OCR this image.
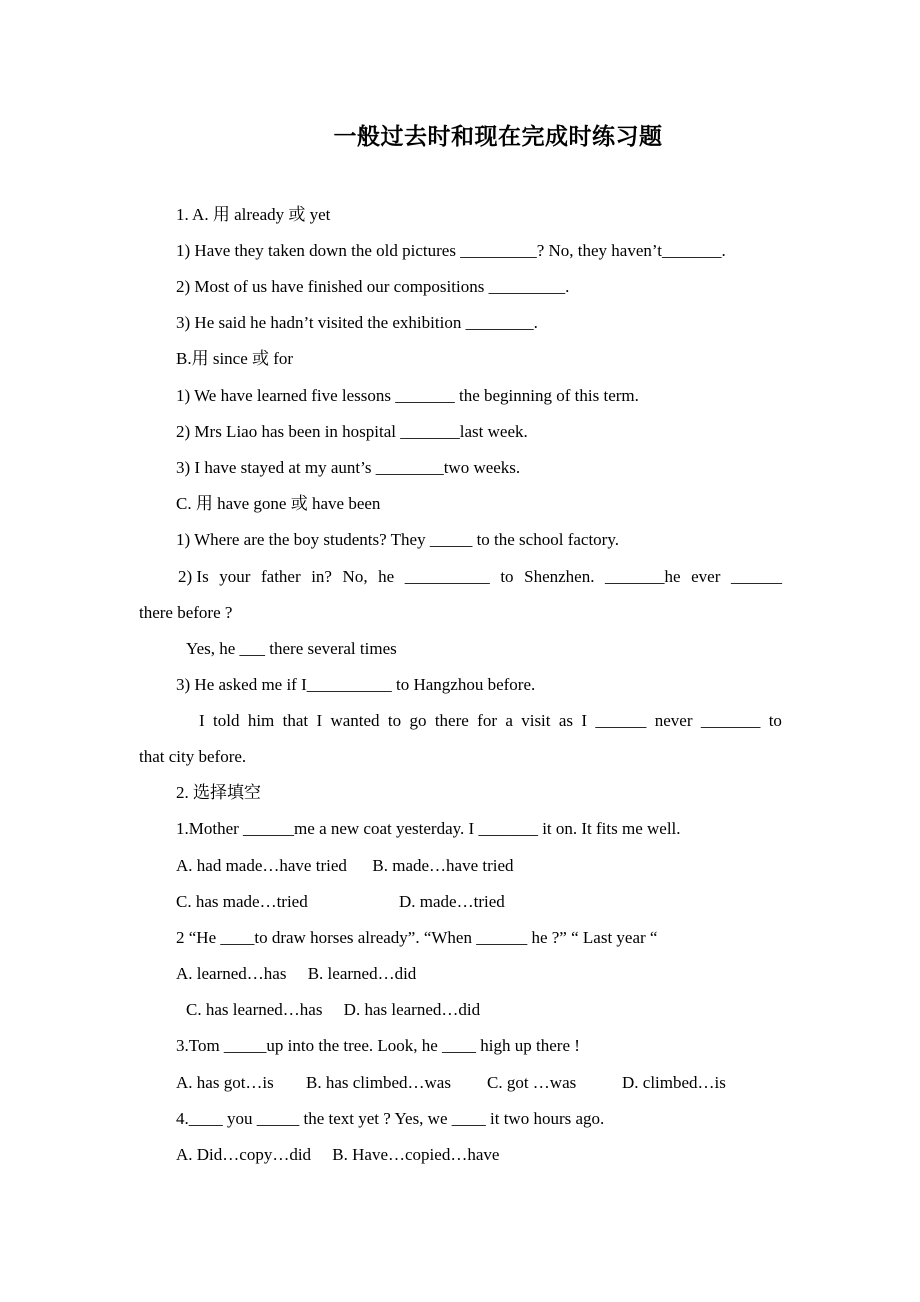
一般过去时和现在完成时练习题
1. A. 用 already 或 yet
1) Have they taken down the old pictures _________? No, they haven’t_______.
2) Most of us have finished our compositions _________.
3) He said he hadn’t visited the exhibition ________.
B.用 since 或 for
1) We have learned five lessons _______ the beginning of this term.
2) Mrs Liao has been in hospital _______last week.
3) I have stayed at my aunt’s ________two weeks.
C. 用 have gone 或 have been
1) Where are the boy students? They _____ to the school factory.
2) Is your father in? No, he __________ to Shenzhen. _______he ever ______
there before ?
Yes, he ___ there several times
3) He asked me if I__________ to Hangzhou before.
I told him that I wanted to go there for a visit as I ______ never _______ to
that city before.
2. 选择填空
1.Mother ______me a new coat yesterday. I _______ it on. It fits me well.
A. had made…have tried      B. made…have tried
C. has made…tried	D. made…tried
2 “He ____to draw horses already”. “When ______ he ?” “ Last year “
A. learned…has     B. learned…did
C. has learned…has     D. has learned…did
3.Tom _____up into the tree. Look, he ____ high up there !
A. has got…is B. has climbed…was C. got …was	D. climbed…is
4.____ you _____ the text yet ? Yes, we ____ it two hours ago.
A. Did…copy…did     B. Have…copied…have
